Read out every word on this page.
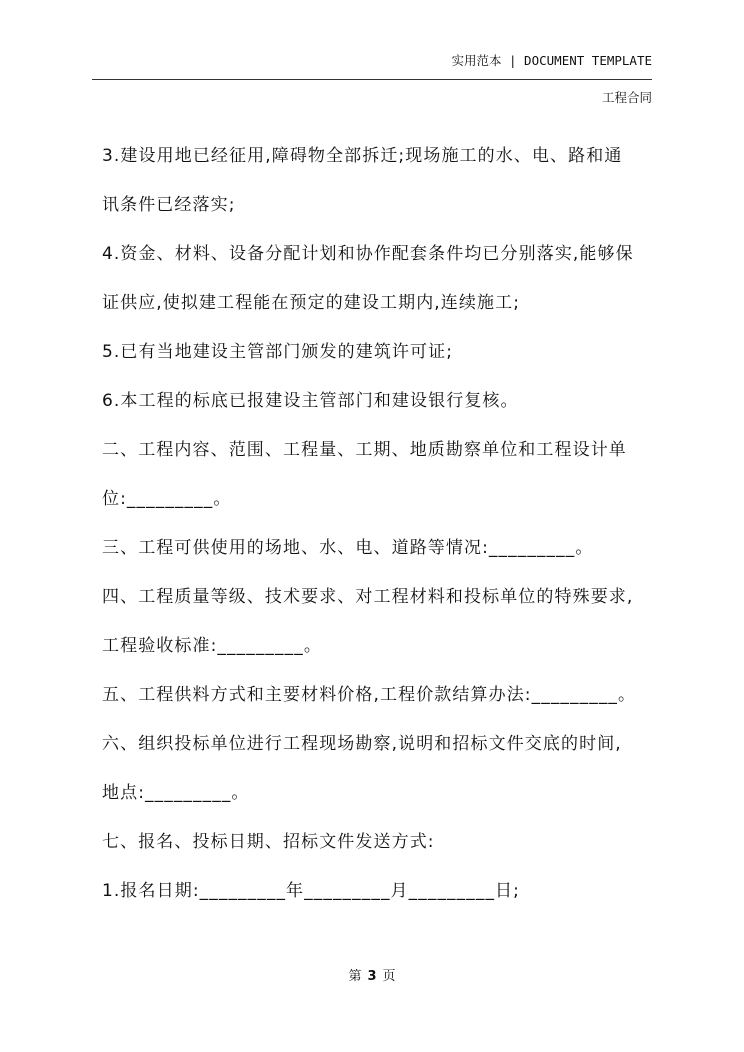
实用范本 | DOCUMENT TEMPLATE
工程合同
3.建设用地已经征用,障碍物全部拆迁;现场施工的水、电、路和通
讯条件已经落实;
4.资金、材料、设备分配计划和协作配套条件均已分别落实,能够保
证供应,使拟建工程能在预定的建设工期内,连续施工;
5.已有当地建设主管部门颁发的建筑许可证;
6.本工程的标底已报建设主管部门和建设银行复核。
二、工程内容、范围、工程量、工期、地质勘察单位和工程设计单
位:_________。
三、工程可供使用的场地、水、电、道路等情况:_________。
四、工程质量等级、技术要求、对工程材料和投标单位的特殊要求,
工程验收标准:_________。
五、工程供料方式和主要材料价格,工程价款结算办法:_________。
六、组织投标单位进行工程现场勘察,说明和招标文件交底的时间,
地点:_________。
七、报名、投标日期、招标文件发送方式:
1.报名日期:_________年_________月_________日;
第 3 页
